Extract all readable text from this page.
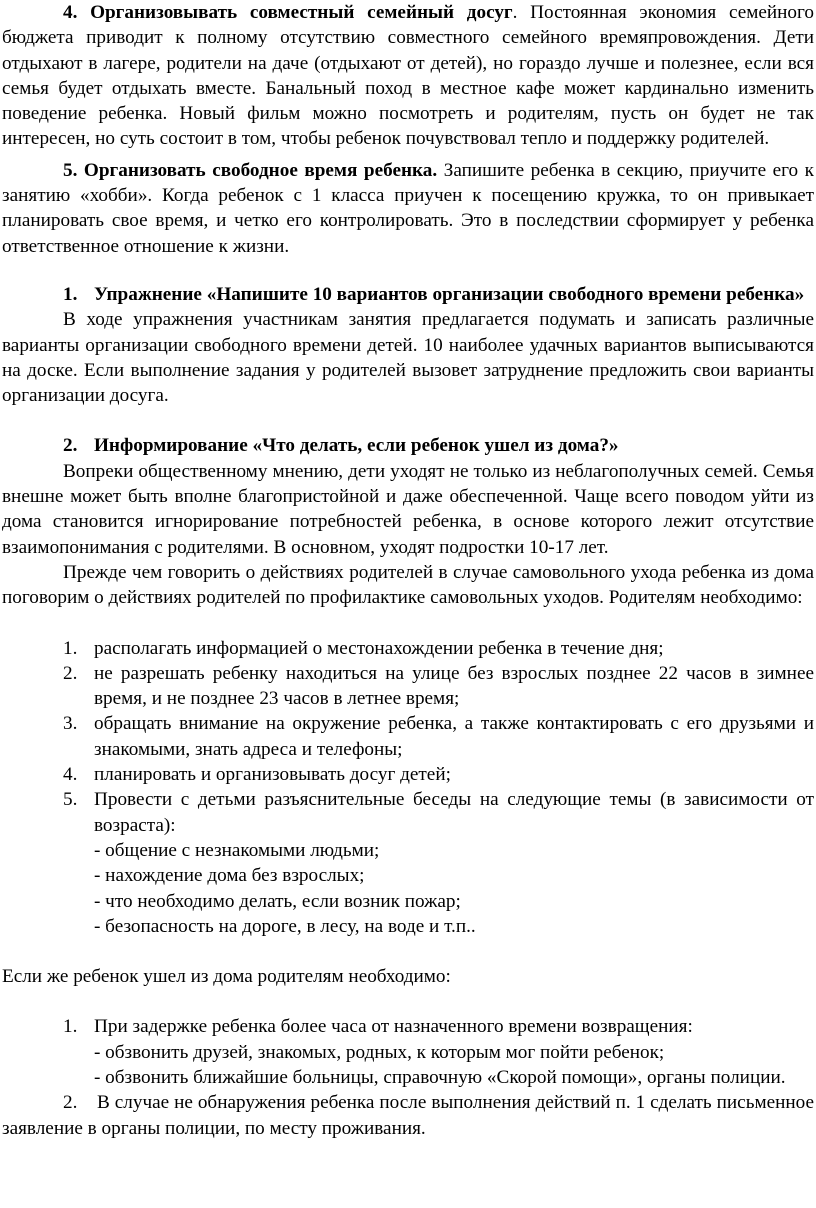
4. Организовывать совместный семейный досуг. Постоянная экономия семейного бюджета приводит к полному отсутствию совместного семейного времяпровождения. Дети отдыхают в лагере, родители на даче (отдыхают от детей), но гораздо лучше и полезнее, если вся семья будет отдыхать вместе. Банальный поход в местное кафе может кардинально изменить поведение ребенка. Новый фильм можно посмотреть и родителям, пусть он будет не так интересен, но суть состоит в том, чтобы ребенок почувствовал тепло и поддержку родителей.

5. Организовать свободное время ребенка. Запишите ребенка в секцию, приучите его к занятию «хобби». Когда ребенок с 1 класса приучен к посещению кружка, то он привыкает планировать свое время, и четко его контролировать. Это в последствии сформирует у ребенка ответственное отношение к жизни.

1. Упражнение «Напишите 10 вариантов организации свободного времени ребенка»

В ходе упражнения участникам занятия предлагается подумать и записать различные варианты организации свободного времени детей. 10 наиболее удачных вариантов выписываются на доске. Если выполнение задания у родителей вызовет затруднение предложить свои варианты организации досуга.

2. Информирование «Что делать, если ребенок ушел из дома?»

Вопреки общественному мнению, дети уходят не только из неблагополучных семей. Семья внешне может быть вполне благопристойной и даже обеспеченной. Чаще всего поводом уйти из дома становится игнорирование потребностей ребенка, в основе которого лежит отсутствие взаимопонимания с родителями. В основном, уходят подростки 10-17 лет.

Прежде чем говорить о действиях родителей в случае самовольного ухода ребенка из дома поговорим о действиях родителей по профилактике самовольных уходов. Родителям необходимо:

1. располагать информацией о местонахождении ребенка в течение дня;
2. не разрешать ребенку находиться на улице без взрослых позднее 22 часов в зимнее время, и не позднее 23 часов в летнее время;
3. обращать внимание на окружение ребенка, а также контактировать с его друзьями и знакомыми, знать адреса и телефоны;
4. планировать и организовывать досуг детей;
5. Провести с детьми разъяснительные беседы на следующие темы (в зависимости от возраста):
- общение с незнакомыми людьми;
- нахождение дома без взрослых;
- что необходимо делать, если возник пожар;
- безопасность на дороге, в лесу, на воде и т.п..

Если же ребенок ушел из дома родителям необходимо:

1. При задержке ребенка более часа от назначенного времени возвращения:
- обзвонить друзей, знакомых, родных, к которым мог пойти ребенок;
- обзвонить ближайшие больницы, справочную «Скорой помощи», органы полиции.

2. В случае не обнаружения ребенка после выполнения действий п. 1 сделать письменное заявление в органы полиции, по месту проживания.
